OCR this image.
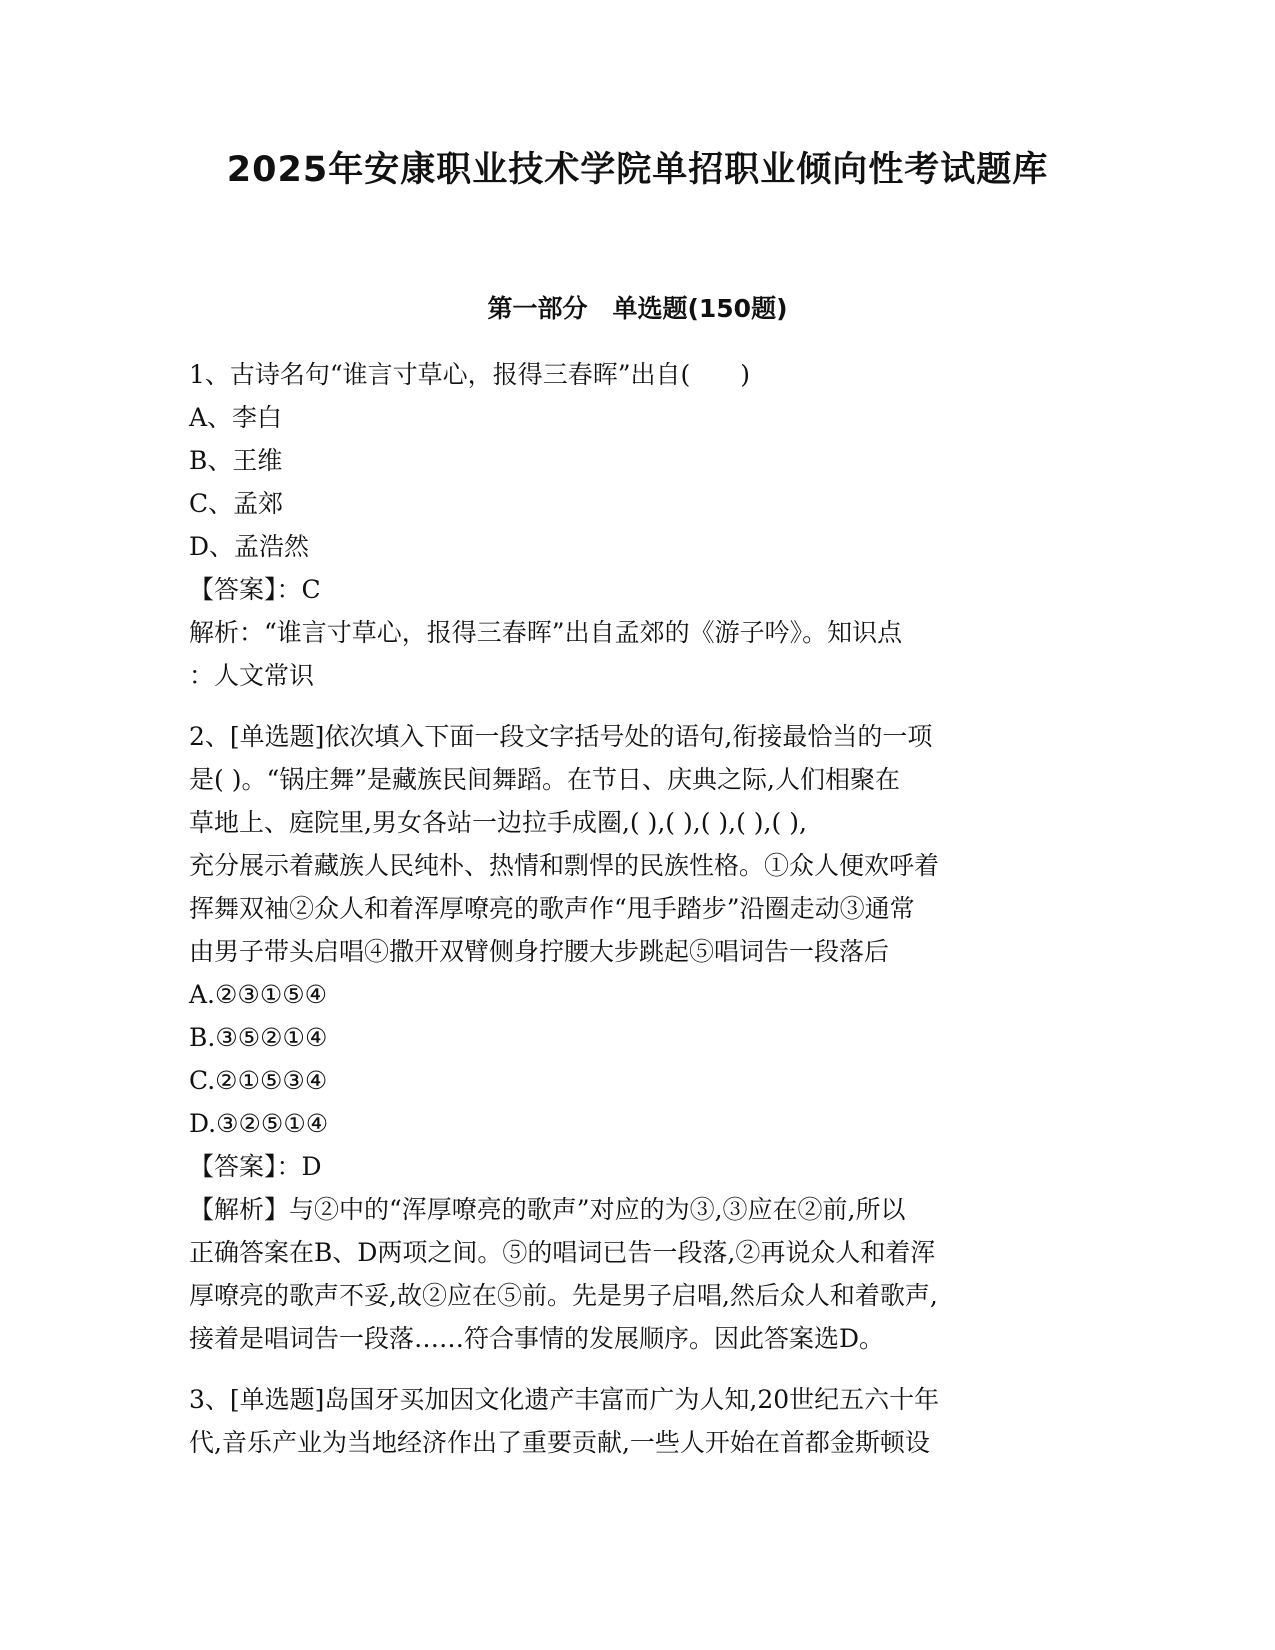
2025年安康职业技术学院单招职业倾向性考试题库
第一部分　单选题(150题)
1、古诗名句“谁言寸草心，报得三春晖”出自(　　)
A、李白
B、王维
C、孟郊
D、孟浩然
【答案】：C
解析：“谁言寸草心，报得三春晖”出自孟郊的《游子吟》。知识点
：人文常识
2、[单选题]依次填入下面一段文字括号处的语句,衔接最恰当的一项
是( )。“锅庄舞”是藏族民间舞蹈。在节日、庆典之际,人们相聚在
草地上、庭院里,男女各站一边拉手成圈,( ),( ),( ),( ),( ),
充分展示着藏族人民纯朴、热情和剽悍的民族性格。①众人便欢呼着
挥舞双袖②众人和着浑厚嘹亮的歌声作“甩手踏步”沿圈走动③通常
由男子带头启唱④撒开双臂侧身拧腰大步跳起⑤唱词告一段落后
A.②③①⑤④
B.③⑤②①④
C.②①⑤③④
D.③②⑤①④
【答案】：D
【解析】与②中的“浑厚嘹亮的歌声”对应的为③,③应在②前,所以
正确答案在B、D两项之间。⑤的唱词已告一段落,②再说众人和着浑
厚嘹亮的歌声不妥,故②应在⑤前。先是男子启唱,然后众人和着歌声,
接着是唱词告一段落……符合事情的发展顺序。因此答案选D。
3、[单选题]岛国牙买加因文化遗产丰富而广为人知,20世纪五六十年
代,音乐产业为当地经济作出了重要贡献,一些人开始在首都金斯顿设
